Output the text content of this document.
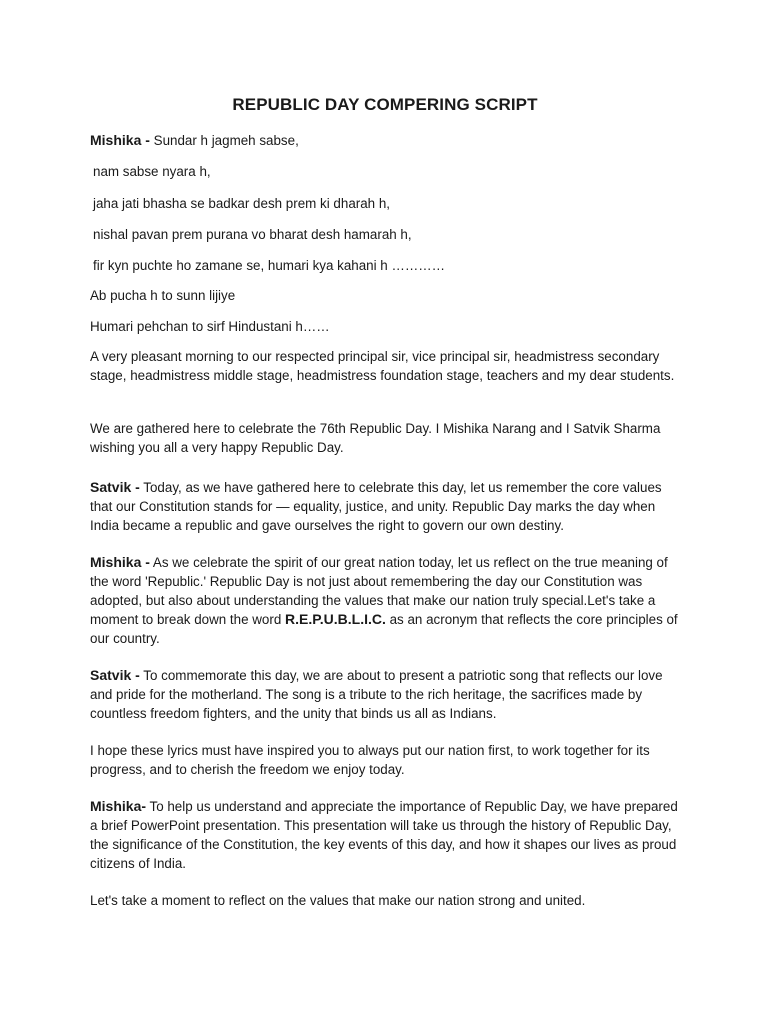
REPUBLIC DAY COMPERING SCRIPT

Mishika - Sundar h jagmeh sabse,

nam sabse nyara h,

jaha jati bhasha se badkar desh prem ki dharah h,

nishal pavan prem purana vo bharat desh hamarah h,

fir kyn puchte ho zamane se, humari kya kahani h …………

Ab pucha h to sunn lijiye

Humari pehchan to sirf Hindustani h……

A very pleasant morning to our respected principal sir, vice principal sir, headmistress secondary stage, headmistress middle stage, headmistress foundation stage, teachers and my dear students.

We are gathered here to celebrate the 76th Republic Day. I Mishika Narang and I Satvik Sharma wishing you all a very happy Republic Day.

Satvik - Today, as we have gathered here to celebrate this day, let us remember the core values that our Constitution stands for — equality, justice, and unity. Republic Day marks the day when India became a republic and gave ourselves the right to govern our own destiny.

Mishika - As we celebrate the spirit of our great nation today, let us reflect on the true meaning of the word 'Republic.' Republic Day is not just about remembering the day our Constitution was adopted, but also about understanding the values that make our nation truly special.Let's take a moment to break down the word R.E.P.U.B.L.I.C. as an acronym that reflects the core principles of our country.

Satvik - To commemorate this day, we are about to present a patriotic song that reflects our love and pride for the motherland. The song is a tribute to the rich heritage, the sacrifices made by countless freedom fighters, and the unity that binds us all as Indians.

I hope these lyrics must have inspired you to always put our nation first, to work together for its progress, and to cherish the freedom we enjoy today.

Mishika- To help us understand and appreciate the importance of Republic Day, we have prepared a brief PowerPoint presentation. This presentation will take us through the history of Republic Day, the significance of the Constitution, the key events of this day, and how it shapes our lives as proud citizens of India.

Let's take a moment to reflect on the values that make our nation strong and united.
